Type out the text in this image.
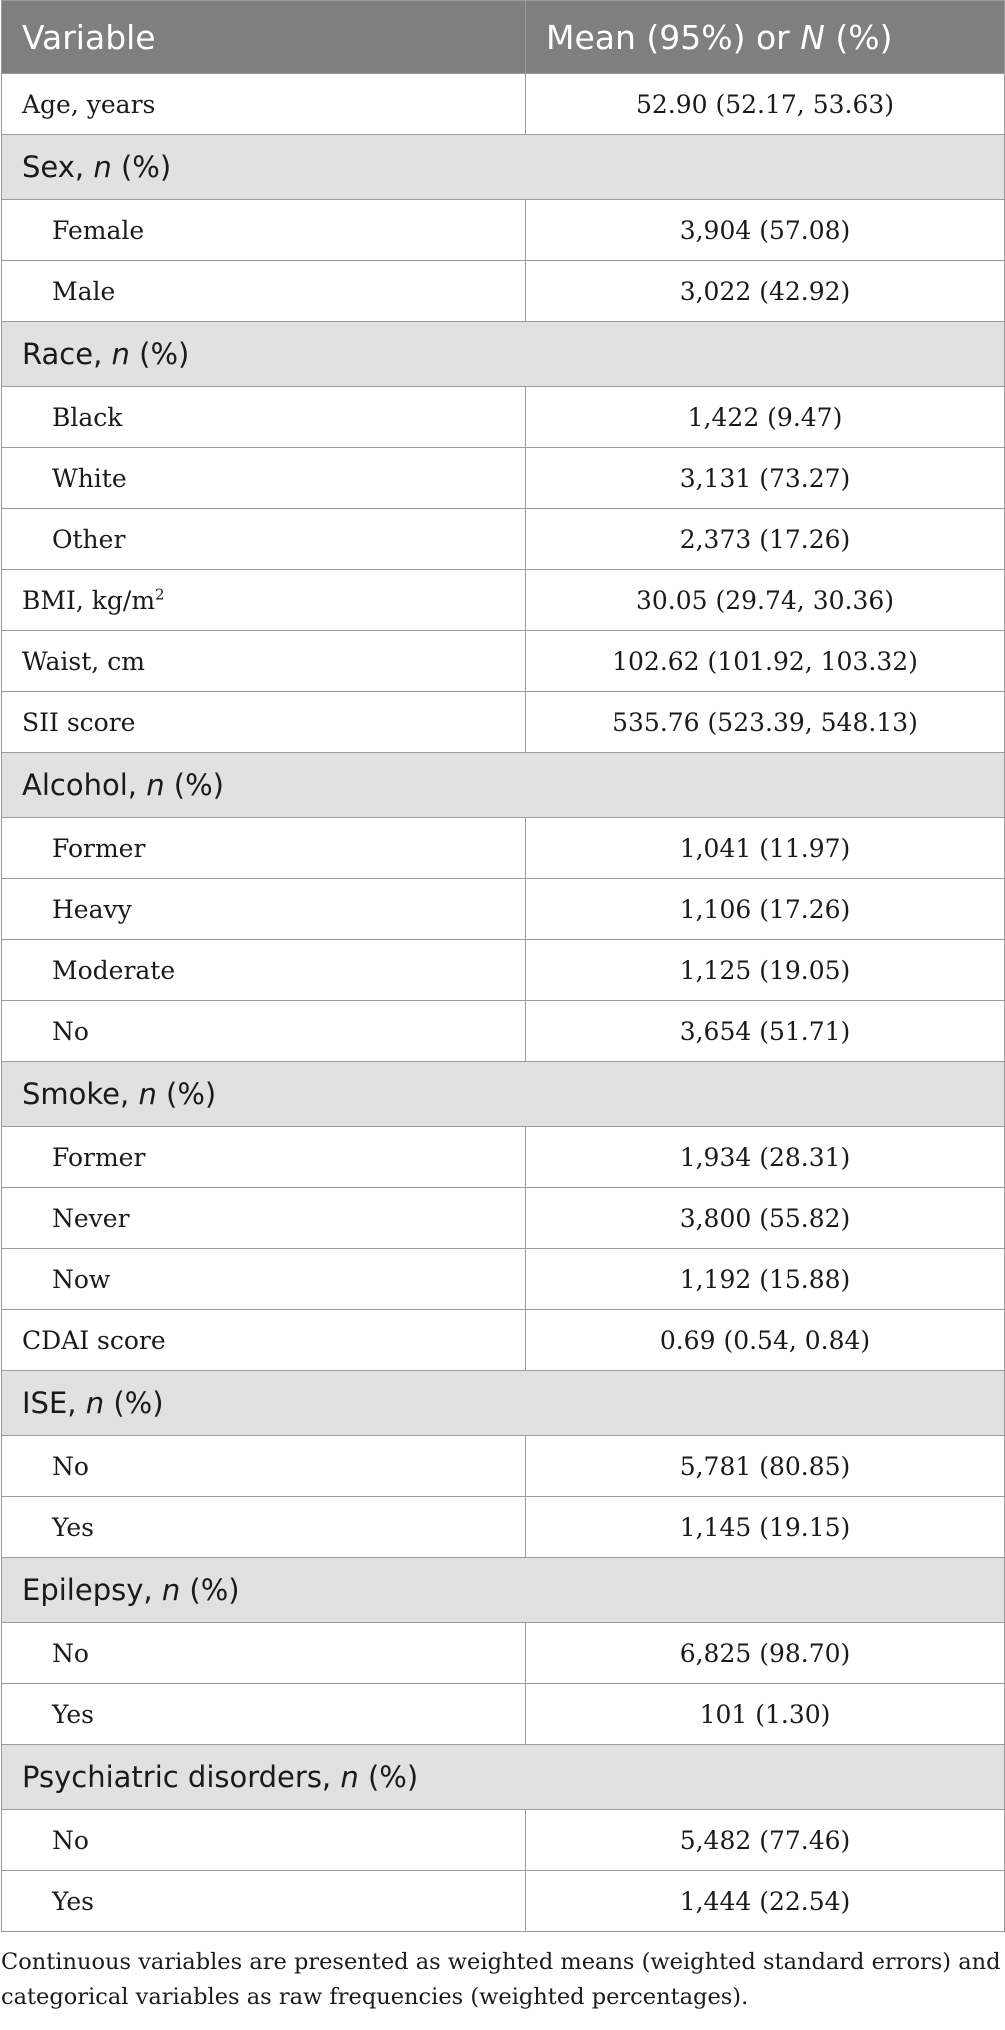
Variable	Mean (95%) or N (%)
Age, years	52.90 (52.17, 53.63)
Sex, n (%)	
Female	3,904 (57.08)
Male	3,022 (42.92)
Race, n (%)	
Black	1,422 (9.47)
White	3,131 (73.27)
Other	2,373 (17.26)
BMI, $kg/m^2$	30.05 (29.74, 30.36)
Waist, cm	102.62 (101.92, 103.32)
SII score	535.76 (523.39, 548.13)
Alcohol, n (%)	
Former	1,041 (11.97)
Heavy	1,106 (17.26)
Moderate	1,125 (19.05)
No	3,654 (51.71)
Smoke, n (%)	
Former	1,934 (28.31)
Never	3,800 (55.82)
Now	1,192 (15.88)
CDAI score	0.69 (0.54, 0.84)
ISE, n (%)	
No	5,781 (80.85)
Yes	1,145 (19.15)
Epilepsy, n (%)	
No	6,825 (98.70)
Yes	101 (1.30)
Psychiatric disorders, n (%)	
No	5,482 (77.46)
Yes	1,444 (22.54)

Continuous variables are presented as weighted means (weighted standard errors) and categorical variables as raw frequencies (weighted percentages).
